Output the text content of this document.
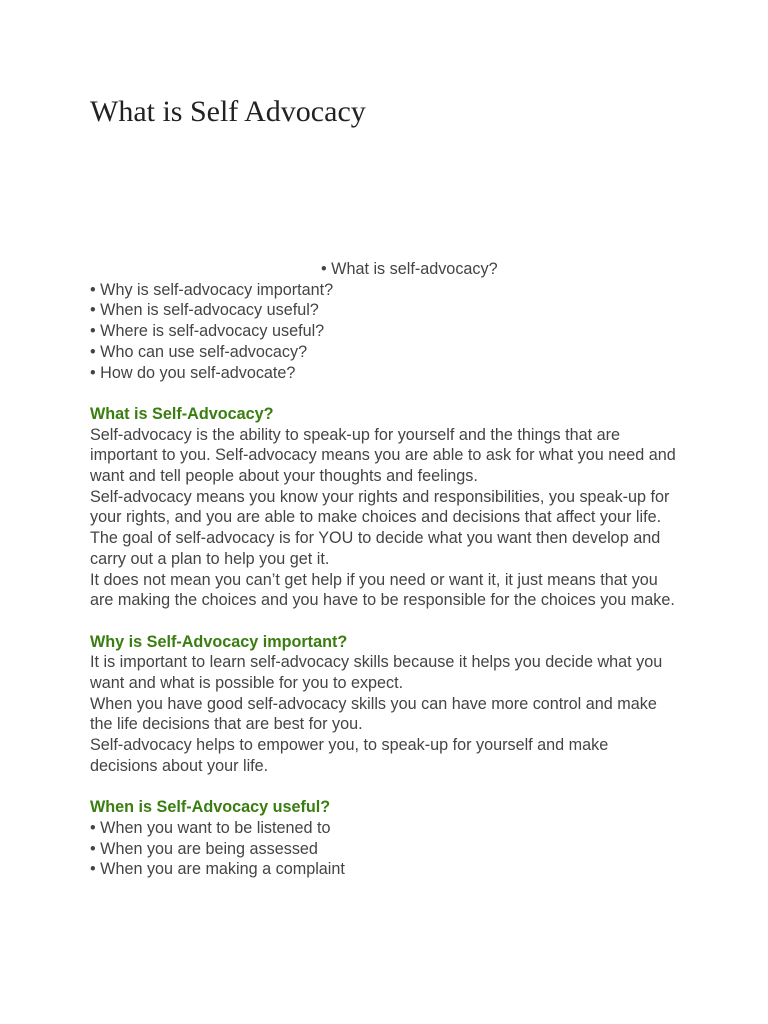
What is Self Advocacy
• What is self-advocacy?
• Why is self-advocacy important?
• When is self-advocacy useful?
• Where is self-advocacy useful?
• Who can use self-advocacy?
• How do you self-advocate?
What is Self-Advocacy?
Self-advocacy is the ability to speak-up for yourself and the things that are important to you. Self-advocacy means you are able to ask for what you need and want and tell people about your thoughts and feelings.
Self-advocacy means you know your rights and responsibilities, you speak-up for your rights, and you are able to make choices and decisions that affect your life.
The goal of self-advocacy is for YOU to decide what you want then develop and carry out a plan to help you get it.
It does not mean you can’t get help if you need or want it, it just means that you are making the choices and you have to be responsible for the choices you make.
Why is Self-Advocacy important?
It is important to learn self-advocacy skills because it helps you decide what you want and what is possible for you to expect.
When you have good self-advocacy skills you can have more control and make the life decisions that are best for you.
Self-advocacy helps to empower you, to speak-up for yourself and make decisions about your life.
When is Self-Advocacy useful?
• When you want to be listened to
• When you are being assessed
• When you are making a complaint
